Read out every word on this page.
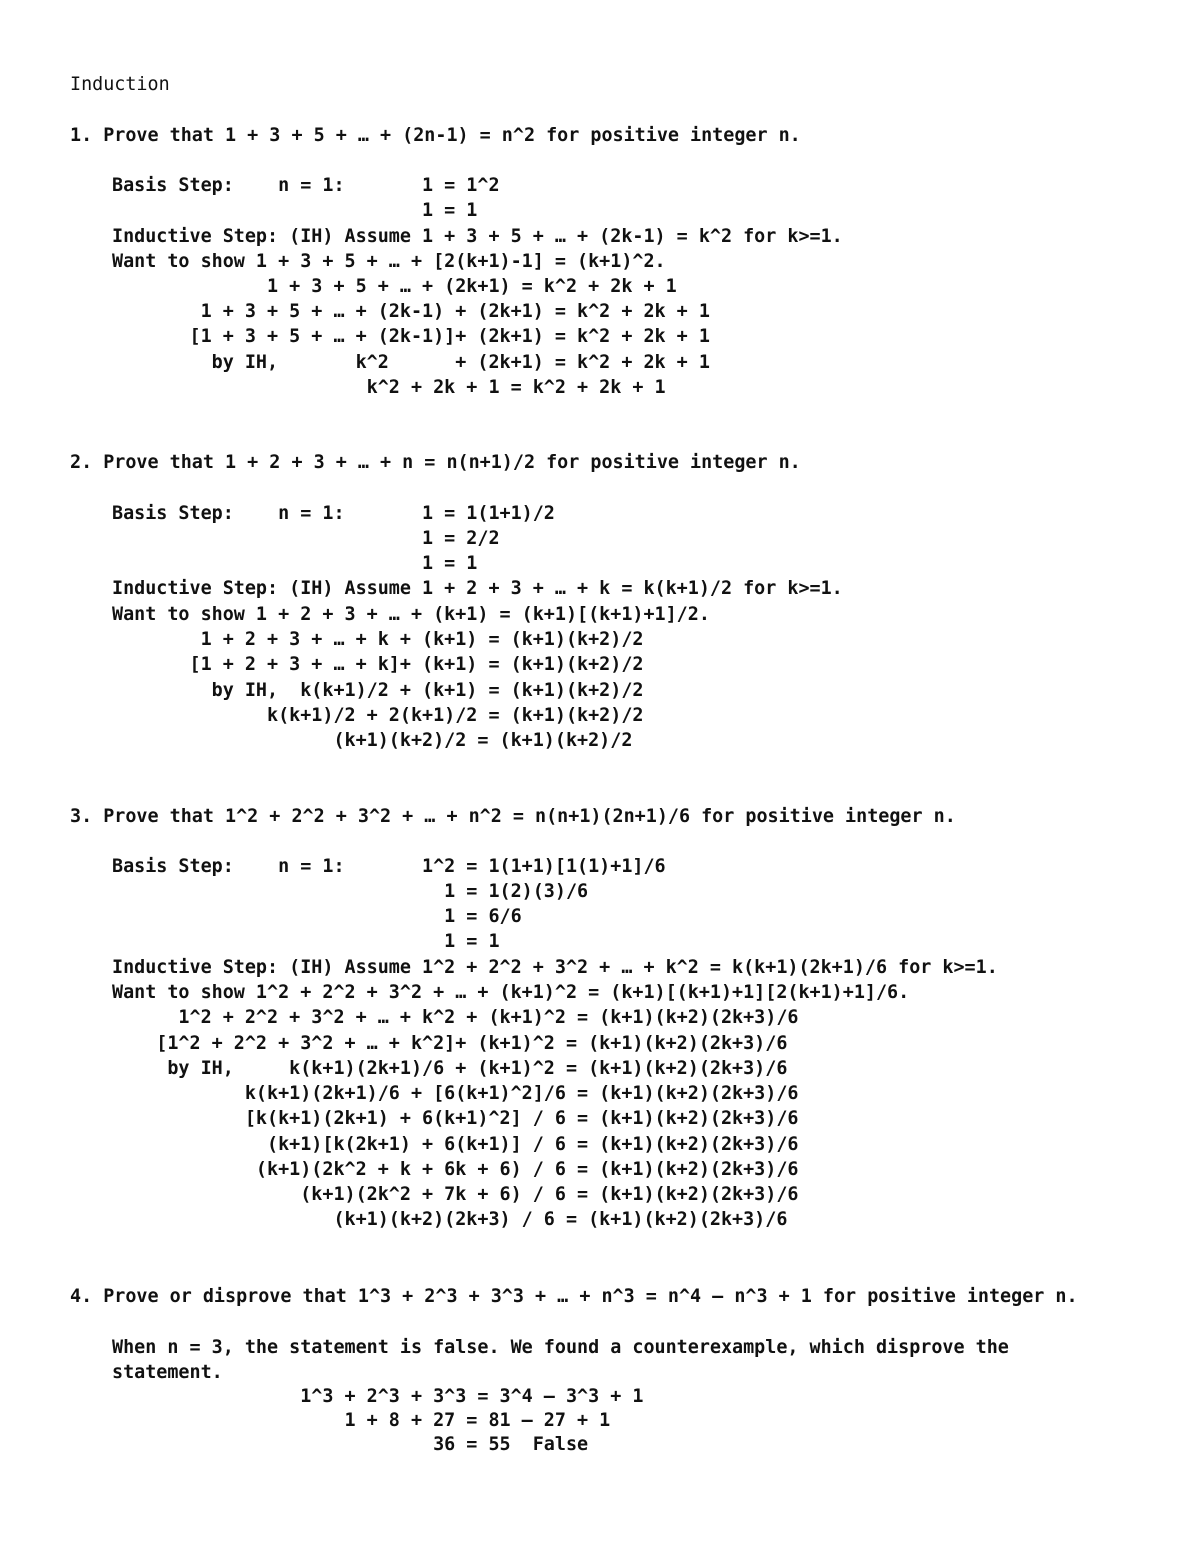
Induction
1. Prove that 1 + 3 + 5 + … + (2n-1) = n^2 for positive integer n.
Basis Step:    n = 1:       1 = 1^2
1 = 1
Inductive Step: (IH) Assume 1 + 3 + 5 + … + (2k-1) = k^2 for k>=1.
Want to show 1 + 3 + 5 + … + [2(k+1)-1] = (k+1)^2.
1 + 3 + 5 + … + (2k+1) = k^2 + 2k + 1
1 + 3 + 5 + … + (2k-1) + (2k+1) = k^2 + 2k + 1
[1 + 3 + 5 + … + (2k-1)]+ (2k+1) = k^2 + 2k + 1
by IH,       k^2      + (2k+1) = k^2 + 2k + 1
k^2 + 2k + 1 = k^2 + 2k + 1
2. Prove that 1 + 2 + 3 + … + n = n(n+1)/2 for positive integer n.
Basis Step:    n = 1:       1 = 1(1+1)/2
1 = 2/2
1 = 1
Inductive Step: (IH) Assume 1 + 2 + 3 + … + k = k(k+1)/2 for k>=1.
Want to show 1 + 2 + 3 + … + (k+1) = (k+1)[(k+1)+1]/2.
1 + 2 + 3 + … + k + (k+1) = (k+1)(k+2)/2
[1 + 2 + 3 + … + k]+ (k+1) = (k+1)(k+2)/2
by IH,  k(k+1)/2 + (k+1) = (k+1)(k+2)/2
k(k+1)/2 + 2(k+1)/2 = (k+1)(k+2)/2
(k+1)(k+2)/2 = (k+1)(k+2)/2
3. Prove that 1^2 + 2^2 + 3^2 + … + n^2 = n(n+1)(2n+1)/6 for positive integer n.
Basis Step:    n = 1:       1^2 = 1(1+1)[1(1)+1]/6
1 = 1(2)(3)/6
1 = 6/6
1 = 1
Inductive Step: (IH) Assume 1^2 + 2^2 + 3^2 + … + k^2 = k(k+1)(2k+1)/6 for k>=1.
Want to show 1^2 + 2^2 + 3^2 + … + (k+1)^2 = (k+1)[(k+1)+1][2(k+1)+1]/6.
1^2 + 2^2 + 3^2 + … + k^2 + (k+1)^2 = (k+1)(k+2)(2k+3)/6
[1^2 + 2^2 + 3^2 + … + k^2]+ (k+1)^2 = (k+1)(k+2)(2k+3)/6
by IH,     k(k+1)(2k+1)/6 + (k+1)^2 = (k+1)(k+2)(2k+3)/6
k(k+1)(2k+1)/6 + [6(k+1)^2]/6 = (k+1)(k+2)(2k+3)/6
[k(k+1)(2k+1) + 6(k+1)^2] / 6 = (k+1)(k+2)(2k+3)/6
(k+1)[k(2k+1) + 6(k+1)] / 6 = (k+1)(k+2)(2k+3)/6
(k+1)(2k^2 + k + 6k + 6) / 6 = (k+1)(k+2)(2k+3)/6
(k+1)(2k^2 + 7k + 6) / 6 = (k+1)(k+2)(2k+3)/6
(k+1)(k+2)(2k+3) / 6 = (k+1)(k+2)(2k+3)/6
4. Prove or disprove that 1^3 + 2^3 + 3^3 + … + n^3 = n^4 – n^3 + 1 for positive integer n.
When n = 3, the statement is false. We found a counterexample, which disprove the
statement.
1^3 + 2^3 + 3^3 = 3^4 – 3^3 + 1
1 + 8 + 27 = 81 – 27 + 1
36 = 55  False
